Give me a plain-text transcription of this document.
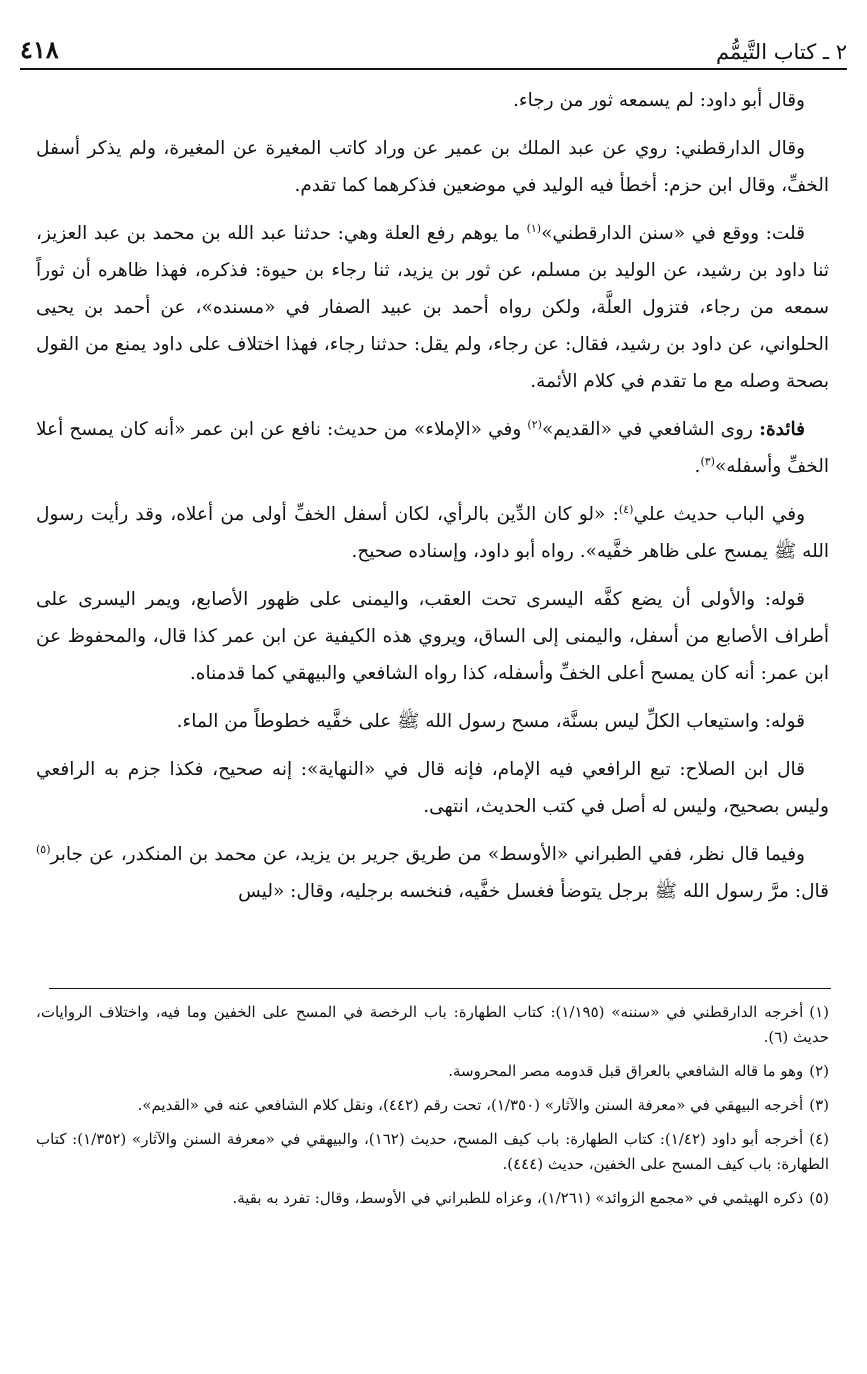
٢ ـ كتاب التَّيمُّم
٤١٨

وقال أبو داود: لم يسمعه ثور من رجاء.

وقال الدارقطني: روي عن عبد الملك بن عمير عن وراد كاتب المغيرة عن المغيرة، ولم يذكر أسفل الخفِّ، وقال ابن حزم: أخطأ فيه الوليد في موضعين فذكرهما كما تقدم.

قلت: ووقع في «سنن الدارقطني»$^{(١)}$ ما يوهم رفع العلة وهي: حدثنا عبد الله بن محمد بن عبد العزيز، ثنا داود بن رشيد، عن الوليد بن مسلم، عن ثور بن يزيد، ثنا رجاء بن حيوة: فذكره، فهذا ظاهره أن ثوراً سمعه من رجاء، فتزول العلَّة، ولكن رواه أحمد بن عبيد الصفار في «مسنده»، عن أحمد بن يحيى الحلواني، عن داود بن رشيد، فقال: عن رجاء، ولم يقل: حدثنا رجاء، فهذا اختلاف على داود يمنع من القول بصحة وصله مع ما تقدم في كلام الأئمة.

فائدة: روى الشافعي في «القديم»$^{(٢)}$ وفي «الإملاء» من حديث: نافع عن ابن عمر «أنه كان يمسح أعلا الخفِّ وأسفله»$^{(٣)}$.

وفي الباب حديث علي$^{(٤)}$: «لو كان الدِّين بالرأي، لكان أسفل الخفِّ أولى من أعلاه، وقد رأيت رسول الله ﷺ يمسح على ظاهر خفَّيه». رواه أبو داود، وإسناده صحيح.

قوله: والأولى أن يضع كفَّه اليسرى تحت العقب، واليمنى على ظهور الأصابع، ويمر اليسرى على أطراف الأصابع من أسفل، واليمنى إلى الساق، ويروي هذه الكيفية عن ابن عمر كذا قال، والمحفوظ عن ابن عمر: أنه كان يمسح أعلى الخفِّ وأسفله، كذا رواه الشافعي والبيهقي كما قدمناه.

قوله: واستيعاب الكلِّ ليس بسنَّة، مسح رسول الله ﷺ على خفَّيه خطوطاً من الماء.

قال ابن الصلاح: تبع الرافعي فيه الإمام، فإنه قال في «النهاية»: إنه صحيح، فكذا جزم به الرافعي وليس بصحيح، وليس له أصل في كتب الحديث، انتهى.

وفيما قال نظر، ففي الطبراني «الأوسط» من طريق جرير بن يزيد، عن محمد بن المنكدر، عن جابر$^{(٥)}$ قال: مرَّ رسول الله ﷺ برجل يتوضأ فغسل خفَّيه، فنخسه برجليه، وقال: «ليس

(١)أخرجه الدارقطني في «سننه» (١/١٩٥): كتاب الطهارة: باب الرخصة في المسح على الخفين وما فيه، واختلاف الروايات، حديث (٦).
(٢)وهو ما قاله الشافعي بالعراق قبل قدومه مصر المحروسة.
(٣)أخرجه البيهقي في «معرفة السنن والآثار» (١/٣٥٠)، تحت رقم (٤٤٢)، ونقل كلام الشافعي عنه في «القديم».
(٤)أخرجه أبو داود (١/٤٢): كتاب الطهارة: باب كيف المسح، حديث (١٦٢)، والبيهقي في «معرفة السنن والآثار» (١/٣٥٢): كتاب الطهارة: باب كيف المسح على الخفين، حديث (٤٤٤).
(٥)ذكره الهيثمي في «مجمع الزوائد» (١/٢٦١)، وعزاه للطبراني في الأوسط، وقال: تفرد به بقية.
